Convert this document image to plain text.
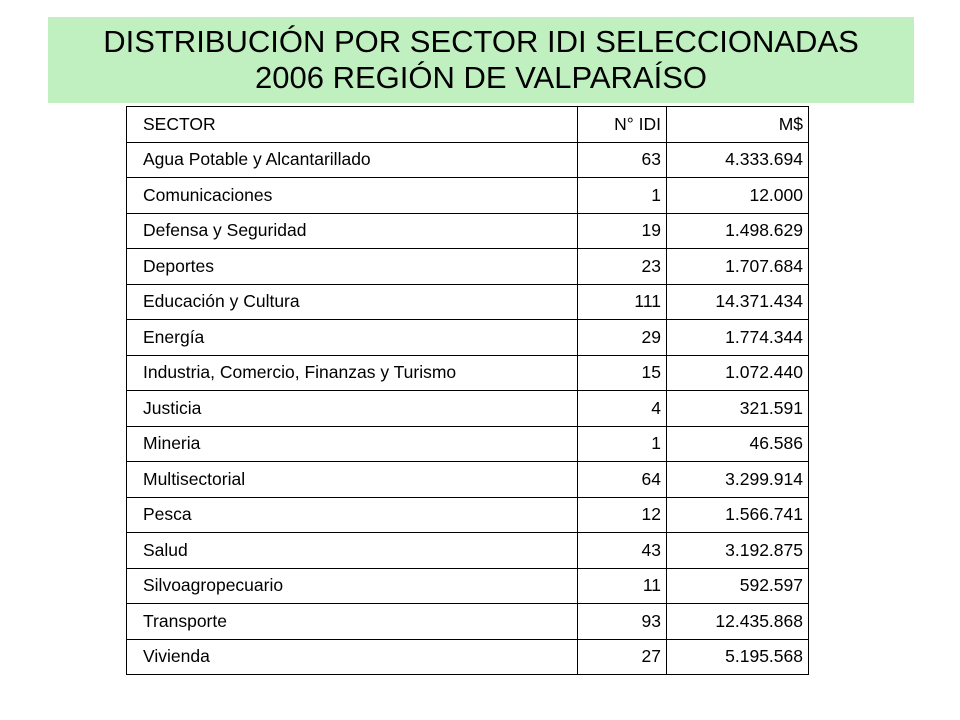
DISTRIBUCIÓN POR SECTOR IDI SELECCIONADAS
2006 REGIÓN DE VALPARAÍSO
SECTOR	N° IDI	M$
Agua Potable y Alcantarillado	63	4.333.694
Comunicaciones	1	12.000
Defensa y Seguridad	19	1.498.629
Deportes	23	1.707.684
Educación y Cultura	111	14.371.434
Energía	29	1.774.344
Industria, Comercio, Finanzas y Turismo	15	1.072.440
Justicia	4	321.591
Mineria	1	46.586
Multisectorial	64	3.299.914
Pesca	12	1.566.741
Salud	43	3.192.875
Silvoagropecuario	11	592.597
Transporte	93	12.435.868
Vivienda	27	5.195.568
